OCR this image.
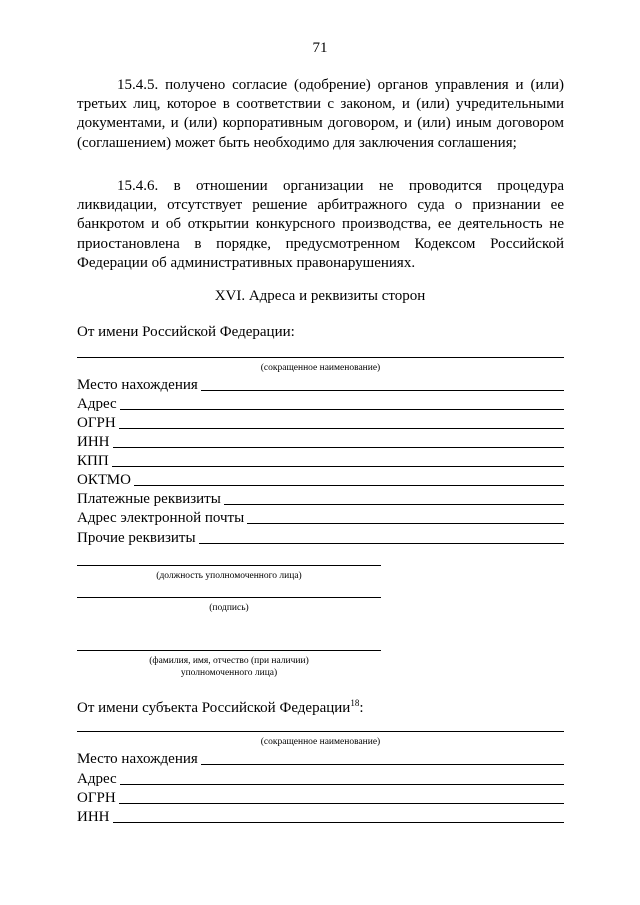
71

15.4.5. получено согласие (одобрение) органов управления и (или) третьих лиц, которое в соответствии с законом, и (или) учредительными документами, и (или) корпоративным договором, и (или) иным договором (соглашением) может быть необходимо для заключения соглашения;

15.4.6. в отношении организации не проводится процедура ликвидации, отсутствует решение арбитражного суда о признании ее банкротом и об открытии конкурсного производства, ее деятельность не приостановлена в порядке, предусмотренном Кодексом Российской Федерации об административных правонарушениях.

XVI. Адреса и реквизиты сторон
От имени Российской Федерации:
(сокращенное наименование)
Место нахождения
Адрес
ОГРН
ИНН
КПП
ОКТМО
Платежные реквизиты
Адрес электронной почты
Прочие реквизиты
(должность уполномоченного лица)
(подпись)
(фамилия, имя, отчество (при наличии)
уполномоченного лица)
От имени субъекта Российской Федерации$^{18}$:
(сокращенное наименование)
Место нахождения
Адрес
ОГРН
ИНН
